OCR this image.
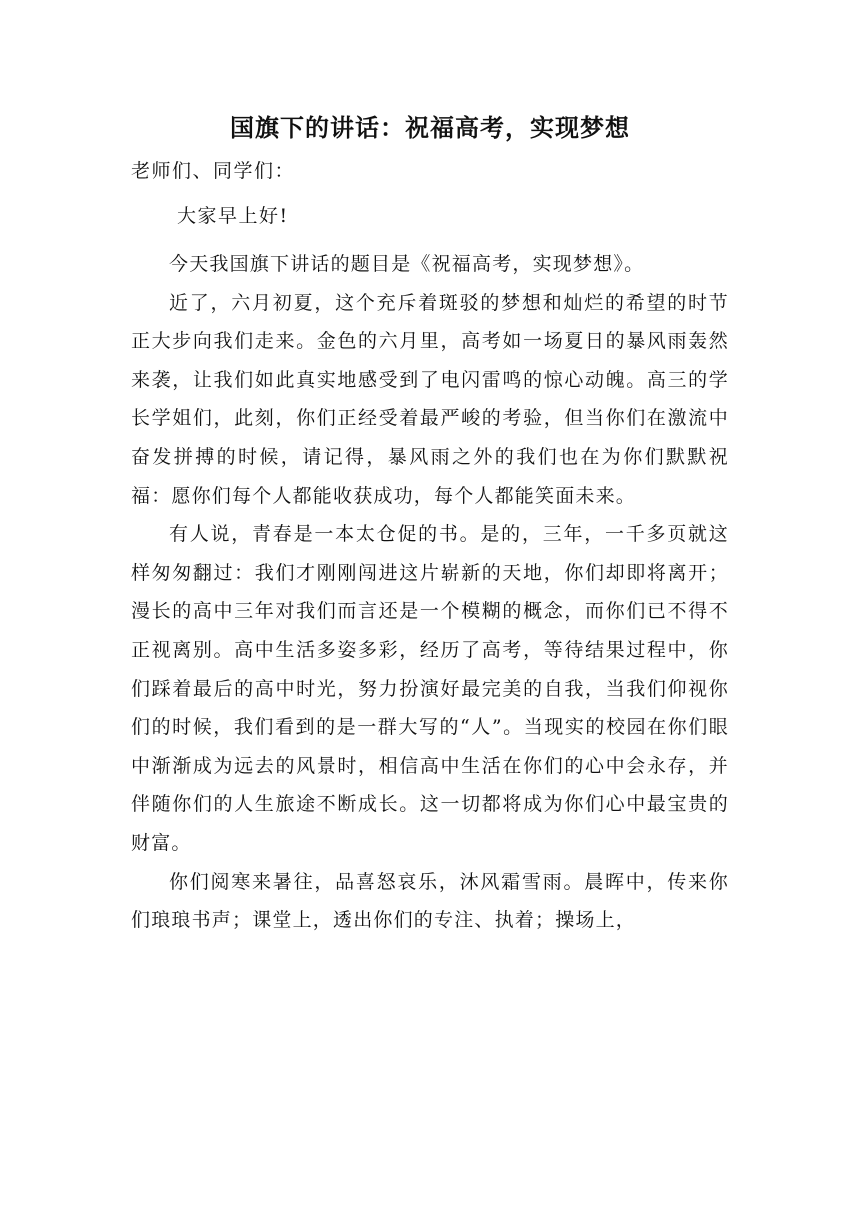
国旗下的讲话：祝福高考，实现梦想
老师们、同学们：
大家早上好!

今天我国旗下讲话的题目是《祝福高考，实现梦想》。

近了，六月初夏，这个充斥着斑驳的梦想和灿烂的希望的时节正大步向我们走来。金色的六月里，高考如一场夏日的暴风雨轰然来袭，让我们如此真实地感受到了电闪雷鸣的惊心动魄。高三的学长学姐们，此刻，你们正经受着最严峻的考验，但当你们在激流中奋发拼搏的时候，请记得，暴风雨之外的我们也在为你们默默祝福：愿你们每个人都能收获成功，每个人都能笑面未来。

有人说，青春是一本太仓促的书。是的，三年，一千多页就这样匆匆翻过：我们才刚刚闯进这片崭新的天地，你们却即将离开；漫长的高中三年对我们而言还是一个模糊的概念，而你们已不得不正视离别。高中生活多姿多彩，经历了高考，等待结果过程中，你们踩着最后的高中时光，努力扮演好最完美的自我，当我们仰视你们的时候，我们看到的是一群大写的“人”。当现实的校园在你们眼中渐渐成为远去的风景时，相信高中生活在你们的心中会永存，并伴随你们的人生旅途不断成长。这一切都将成为你们心中最宝贵的财富。

你们阅寒来暑往，品喜怒哀乐，沐风霜雪雨。晨晖中，传来你们琅琅书声；课堂上，透出你们的专注、执着；操场上，
